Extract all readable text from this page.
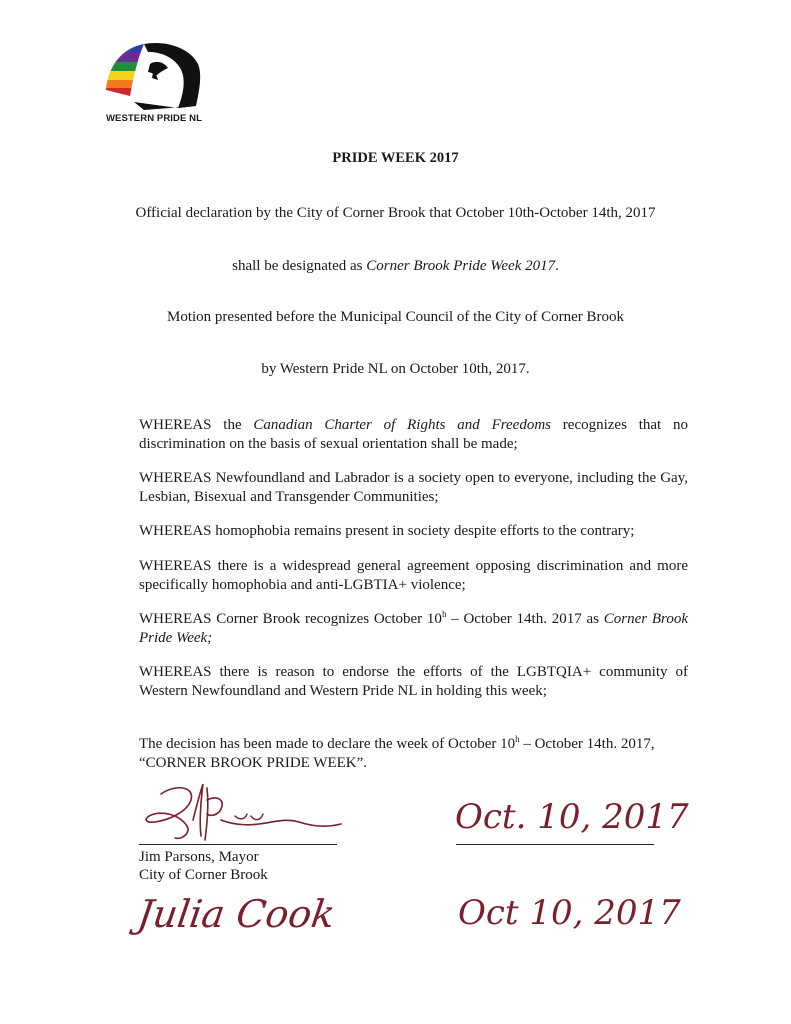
WESTERN PRIDE NL
PRIDE WEEK 2017
Official declaration by the City of Corner Brook that October 10th-October 14th, 2017
shall be designated as Corner Brook Pride Week 2017.
Motion presented before the Municipal Council of the City of Corner Brook
by Western Pride NL on October 10th, 2017.
WHEREAS the Canadian Charter of Rights and Freedoms recognizes that no discrimination on the basis of sexual orientation shall be made;
WHEREAS Newfoundland and Labrador is a society open to everyone, including the Gay, Lesbian, Bisexual and Transgender Communities;
WHEREAS homophobia remains present in society despite efforts to the contrary;
WHEREAS there is a widespread general agreement opposing discrimination and more specifically homophobia and anti-LGBTIA+ violence;
WHEREAS Corner Brook recognizes October 10$^h$ – October 14th. 2017 as Corner Brook Pride Week;
WHEREAS there is reason to endorse the efforts of the LGBTQIA+ community of Western Newfoundland and Western Pride NL in holding this week;
The decision has been made to declare the week of October 10$^h$ – October 14th. 2017,
“CORNER BROOK PRIDE WEEK”.
Jim Parsons, Mayor
City of Corner Brook
Oct. 10, 2017
Julia Cook	Oct 10, 2017
